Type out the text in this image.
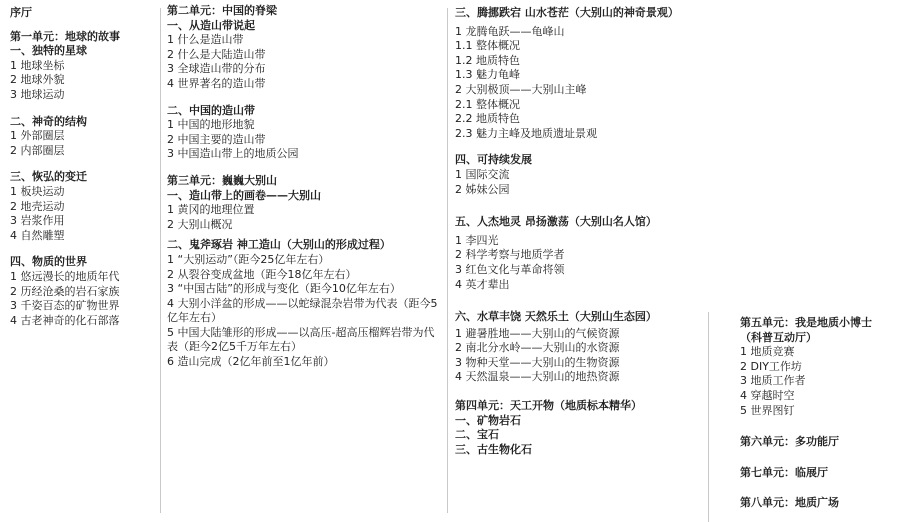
序厅
第一单元：地球的故事
一、独特的星球
1 地球坐标
2 地球外貌
3 地球运动
二、神奇的结构
1 外部圈层
2 内部圈层
三、恢弘的变迁
1 板块运动
2 地壳运动
3 岩浆作用
4 自然雕塑
四、物质的世界
1 悠远漫长的地质年代
2 历经沧桑的岩石家族
3 千姿百态的矿物世界
4 古老神奇的化石部落
第二单元：中国的脊梁
一、从造山带说起
1 什么是造山带
2 什么是大陆造山带
3 全球造山带的分布
4 世界著名的造山带
二、中国的造山带
1 中国的地形地貌
2 中国主要的造山带
3 中国造山带上的地质公园
第三单元：巍巍大别山
一、造山带上的画卷——大别山
1 黄冈的地理位置
2 大别山概况
二、鬼斧琢岩 神工造山（大别山的形成过程）
1 “大别运动”（距今25亿年左右）
2 从裂谷变成盆地（距今18亿年左右）
3 “中国古陆”的形成与变化（距今10亿年左右）
4 大别小洋盆的形成——以蛇绿混杂岩带为代表（距今5亿年左右）
5 中国大陆雏形的形成——以高压-超高压榴辉岩带为代表（距今2亿5千万年左右）
6 造山完成（2亿年前至1亿年前）
三、腾挪跌宕 山水苍茫（大别山的神奇景观）
1 龙腾龟跃——龟峰山
1.1 整体概况
1.2 地质特色
1.3 魅力龟峰
2 大别极顶——大别山主峰
2.1 整体概况
2.2 地质特色
2.3 魅力主峰及地质遗址景观
四、可持续发展
1 国际交流
2 姊妹公园
五、人杰地灵 昂扬激荡（大别山名人馆）
1 李四光
2 科学考察与地质学者
3 红色文化与革命将领
4 英才辈出
六、水草丰饶 天然乐土（大别山生态园）
1 避暑胜地——大别山的气候资源
2 南北分水岭——大别山的水资源
3 物种天堂——大别山的生物资源
4 天然温泉——大别山的地热资源
第四单元：天工开物（地质标本精华）
一、矿物岩石
二、宝石
三、古生物化石
第五单元：我是地质小博士
（科普互动厅）
1 地质竞赛
2 DIY工作坊
3 地质工作者
4 穿越时空
5 世界图钉
第六单元：多功能厅
第七单元：临展厅
第八单元：地质广场
